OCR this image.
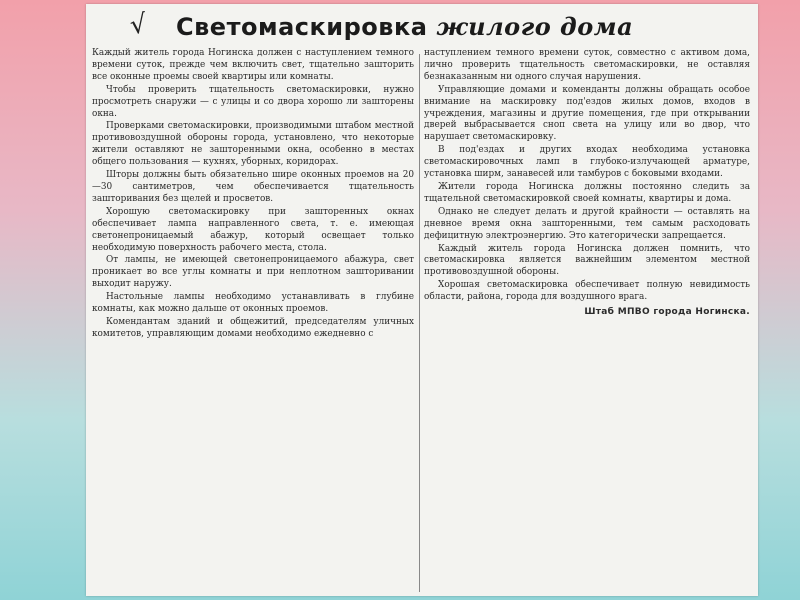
√ Светомаскировка жилого дома

Каждый житель города Ногинска должен с наступлением темного времени суток, прежде чем включить свет, тщательно зашторить все оконные проемы своей квартиры или комнаты.

Чтобы проверить тщательность светомаскировки, нужно просмотреть снаружи — с улицы и со двора хорошо ли зашторены окна.

Проверками светомаскировки, производимыми штабом местной противовоздушной обороны города, установлено, что некоторые жители оставляют не зашторенными окна, особенно в местах общего пользования — кухнях, уборных, коридорах.

Шторы должны быть обязательно шире оконных проемов на 20—30 сантиметров, чем обеспечивается тщательность зашторивания без щелей и просветов.

Хорошую светомаскировку при зашторенных окнах обеспечивает лампа направленного света, т. е. имеющая светонепроницаемый абажур, который освещает только необходимую поверхность рабочего места, стола.

От лампы, не имеющей светонепроницаемого абажура, свет проникает во все углы комнаты и при неплотном зашторивании выходит наружу.

Настольные лампы необходимо устанавливать в глубине комнаты, как можно дальше от оконных проемов.

Комендантам зданий и общежитий, председателям уличных комитетов, управляющим домами необходимо ежедневно с

наступлением темного времени суток, совместно с активом дома, лично проверить тщательность светомаскировки, не оставляя безнаказанным ни одного случая нарушения.

Управляющие домами и коменданты должны обращать особое внимание на маскировку под'ездов жилых домов, входов в учреждения, магазины и другие помещения, где при открывании дверей выбрасывается сноп света на улицу или во двор, что нарушает светомаскировку.

В под'ездах и других входах необходима установка светомаскировочных ламп в глубоко-излучающей арматуре, установка ширм, занавесей или тамбуров с боковыми входами.

Жители города Ногинска должны постоянно следить за тщательной светомаскировкой своей комнаты, квартиры и дома.

Однако не следует делать и другой крайности — оставлять на дневное время окна зашторенными, тем самым расходовать дефицитную электроэнергию. Это категорически запрещается.

Каждый житель города Ногинска должен помнить, что светомаскировка является важнейшим элементом местной противовоздушной обороны.

Хорошая светомаскировка обеспечивает полную невидимость области, района, города для воздушного врага.

Штаб МПВО города Ногинска.
